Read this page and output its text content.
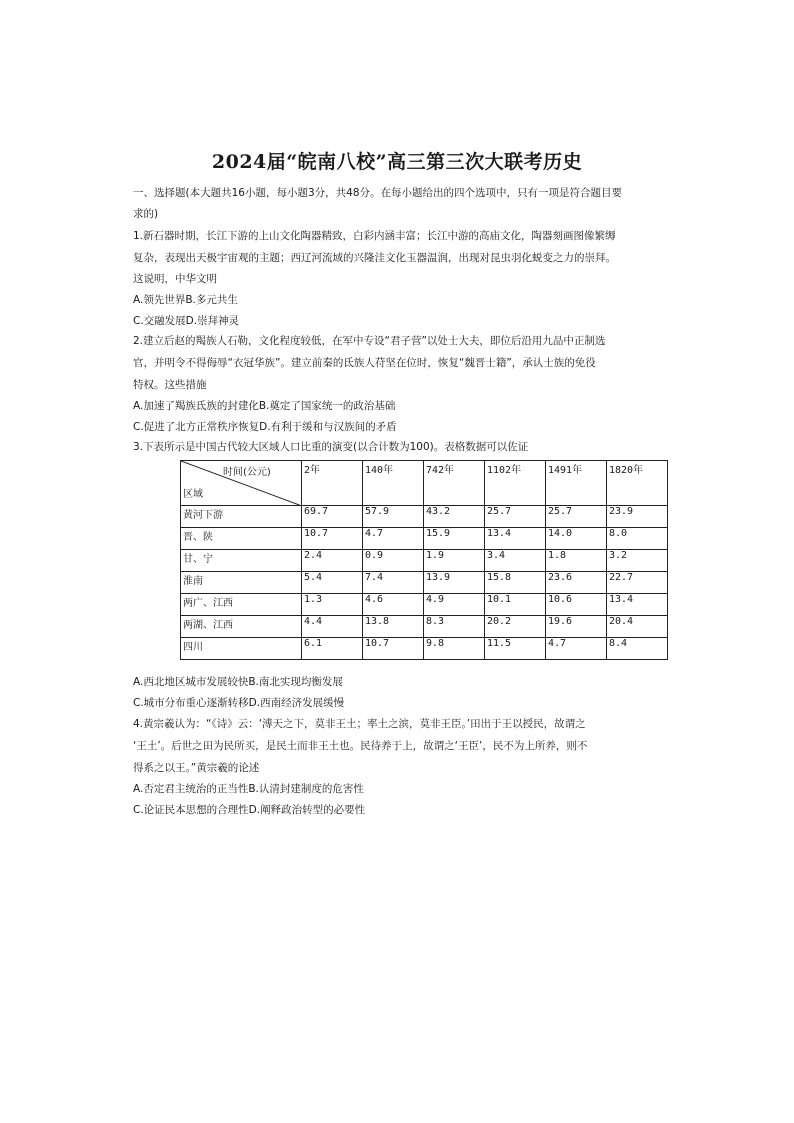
2024届“皖南八校”高三第三次大联考历史
一、选择题(本大题共16小题，每小题3分，共48分。在每小题给出的四个选项中，只有一项是符合题目要
求的)
1.新石器时期，长江下游的上山文化陶器精致，白彩内涵丰富；长江中游的高庙文化，陶器刻画图像繁缛
复杂，表现出天极宇宙观的主题；西辽河流域的兴隆洼文化玉器温润，出现对昆虫羽化蜕变之力的崇拜。
这说明，中华文明
A.领先世界B.多元共生
C.交融发展D.崇拜神灵
2.建立后赵的羯族人石勒，文化程度较低，在军中专设“君子营”以处士大夫，即位后沿用九品中正制选
官，并明令不得侮辱“衣冠华族”。建立前秦的氐族人苻坚在位时，恢复“魏晋士籍”，承认士族的免役
特权。这些措施
A.加速了羯族氐族的封建化B.奠定了国家统一的政治基础
C.促进了北方正常秩序恢复D.有利于缓和与汉族间的矛盾
3.下表所示是中国古代较大区域人口比重的演变(以合计数为100)。表格数据可以佐证
时间(公元)
区域	2年	140年	742年	1102年	1491年	1820年
黄河下游	69.7	57.9	43.2	25.7	25.7	23.9
晋、陕	10.7	4.7	15.9	13.4	14.0	8.0
甘、宁	2.4	0.9	1.9	3.4	1.8	3.2
淮南	5.4	7.4	13.9	15.8	23.6	22.7
两广、江西	1.3	4.6	4.9	10.1	10.6	13.4
两湖、江西	4.4	13.8	8.3	20.2	19.6	20.4
四川	6.1	10.7	9.8	11.5	4.7	8.4
A.西北地区城市发展较快B.南北实现均衡发展
C.城市分布重心逐渐转移D.西南经济发展缓慢
4.黄宗羲认为：“《诗》云：‘溥天之下，莫非王土；率土之滨，莫非王臣。’田出于王以授民，故谓之
‘王土’。后世之田为民所买，是民土而非王土也。民待养于上，故谓之‘王臣’，民不为上所养，则不
得系之以王。”黄宗羲的论述
A.否定君主统治的正当性B.认清封建制度的危害性
C.论证民本思想的合理性D.阐释政治转型的必要性
